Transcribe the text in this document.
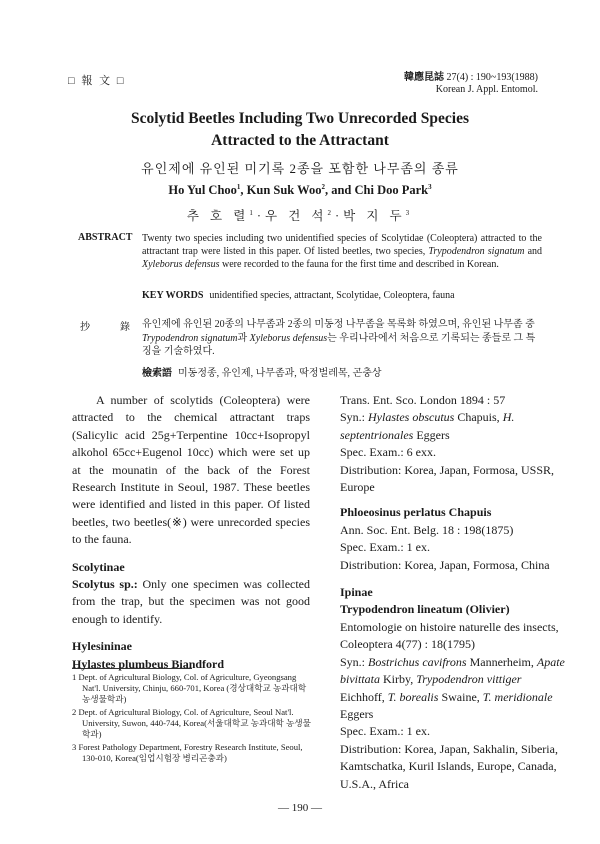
□ 報 文 □	韓應昆誌 27(4) : 190~193(1988)
Korean J. Appl. Entomol.
Scolytid Beetles Including Two Unrecorded Species
Attracted to the Attractant
유인제에 유인된 미기록 2종을 포함한 나무좀의 종류
Ho Yul Choo$^1$, Kun Suk Woo$^2$, and Chi Doo Park$^3$
추 호 렬$^1$·우 건 석$^2$·박 지 두$^3$
ABSTRACT Twenty two species including two unidentified species of Scolytidae (Coleoptera) attracted to the attractant trap were listed in this paper. Of listed beetles, two species, Trypodendron signatum and Xyleborus defensus were recorded to the fauna for the first time and described in Korean.
KEY WORDS unidentified species, attractant, Scolytidae, Coleoptera, fauna
抄錄
유인제에 유인된 20종의 나무좀과 2종의 미동정 나무좀을 목록화 하였으며, 유인된 나무좀 중 Trypodendron signatum과 Xyleborus defensus는 우리나라에서 처음으로 기록되는 종들로 그 특징을 기술하였다.
檢索語 미동정종, 유인제, 나무좀과, 딱정벌레목, 곤충상

A number of scolytids (Coleoptera) were attracted to the chemical attractant traps (Salicylic acid 25g+Terpentine 10cc+Isopropyl alkohol 65cc+Eugenol 10cc) which were set up at the mounatin of the back of the Forest Research Institute in Seoul, 1987. These beetles were identified and listed in this paper. Of listed beetles, two beetles(※) were unrecorded species to the fauna.

Scolytinae

Scolytus sp.: Only one specimen was collected from the trap, but the specimen was not good enough to identify.

Hylesininae

Hylastes plumbeus Biandford

1 Dept. of Agricultural Biology, Col. of Agriculture, Gyeongsang Nat'l. University, Chinju, 660-701, Korea (경상대학교 농과대학 농생물학과)
2 Dept. of Agricultural Biology, Col. of Agriculture, Seoul Nat'l. University, Suwon, 440-744, Korea(서울대학교 농과대학 농생물학과)
3 Forest Pathology Department, Forestry Research Institute, Seoul, 130-010, Korea(임업시험장 병리곤충과)

Trans. Ent. Sco. London 1894 : 57

Syn.: Hylastes obscutus Chapuis, H. septentrionales Eggers

Spec. Exam.: 6 exx.

Distribution: Korea, Japan, Formosa, USSR, Europe

Phloeosinus perlatus Chapuis

Ann. Soc. Ent. Belg. 18 : 198(1875)

Spec. Exam.: 1 ex.

Distribution: Korea, Japan, Formosa, China

Ipinae

Trypodendron lineatum (Olivier)

Entomologie on histoire naturelle des insects, Coleoptera 4(77) : 18(1795)

Syn.: Bostrichus cavifrons Mannerheim, Apate bivittata Kirby, Trypodendron vittiger Eichhoff, T. borealis Swaine, T. meridionale Eggers

Spec. Exam.: 1 ex.

Distribution: Korea, Japan, Sakhalin, Siberia, Kamtschatka, Kuril Islands, Europe, Canada, U.S.A., Africa

— 190 —
